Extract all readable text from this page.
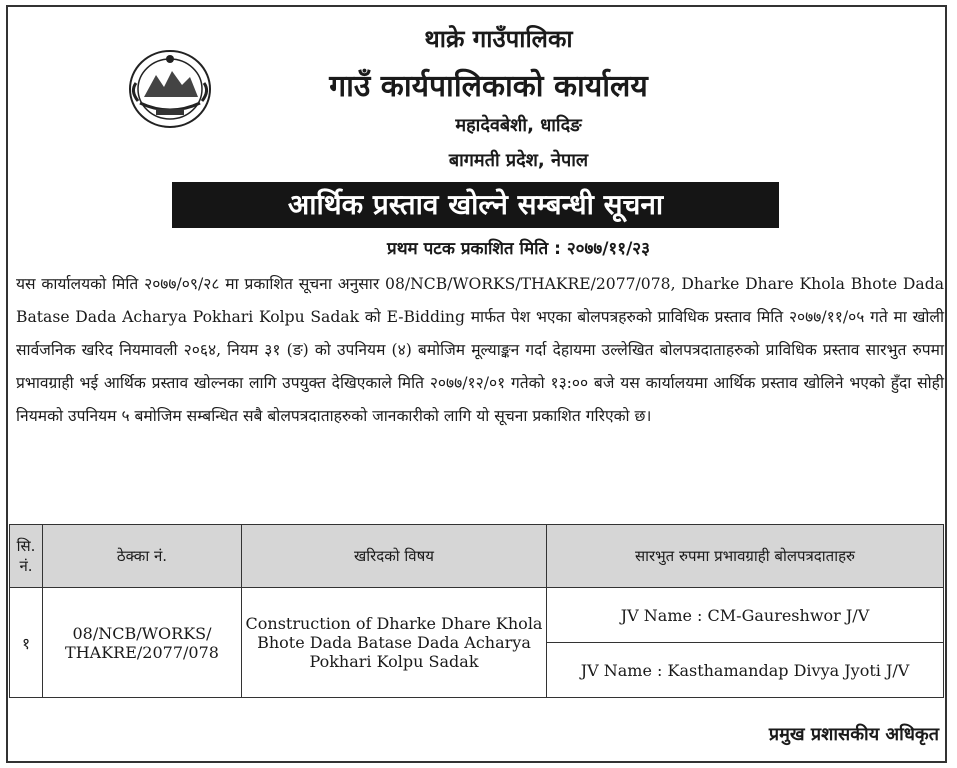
थाक्रे गाउँपालिका
गाउँ कार्यपालिकाको कार्यालय
महादेवबेशी, धादिङ
बागमती प्रदेश, नेपाल
आर्थिक प्रस्ताव खोल्ने सम्बन्धी सूचना
प्रथम पटक प्रकाशित मिति : २०७७/११/२३

यस कार्यालयको मिति २०७७/०९/२८ मा प्रकाशित सूचना अनुसार 08/NCB/WORKS/THAKRE/2077/078, Dharke Dhare Khola Bhote Dada Batase Dada Acharya Pokhari Kolpu Sadak को E-Bidding मार्फत पेश भएका बोलपत्रहरुको प्राविधिक प्रस्ताव मिति २०७७/११/०५ गते मा खोली सार्वजनिक खरिद नियमावली २०६४, नियम ३१ (ङ) को उपनियम (४) बमोजिम मूल्याङ्कन गर्दा देहायमा उल्लेखित बोलपत्रदाताहरुको प्राविधिक प्रस्ताव सारभुत रुपमा प्रभावग्राही भई आर्थिक प्रस्ताव खोल्नका लागि उपयुक्त देखिएकाले मिति २०७७/१२/०१ गतेको १३:०० बजे यस कार्यालयमा आर्थिक प्रस्ताव खोलिने भएको हुँदा सोही नियमको उपनियम ५ बमोजिम सम्बन्धित सबै बोलपत्रदाताहरुको जानकारीको लागि यो सूचना प्रकाशित गरिएको छ।

सि. नं.	ठेक्का नं.	खरिदको विषय	सारभुत रुपमा प्रभावग्राही बोलपत्रदाताहरु
१	08/NCB/WORKS/ THAKRE/2077/078	Construction of Dharke Dhare Khola Bhote Dada Batase Dada Acharya Pokhari Kolpu Sadak	JV Name : CM-Gaureshwor J/V
			JV Name : Kasthamandap Divya Jyoti J/V
प्रमुख प्रशासकीय अधिकृत
